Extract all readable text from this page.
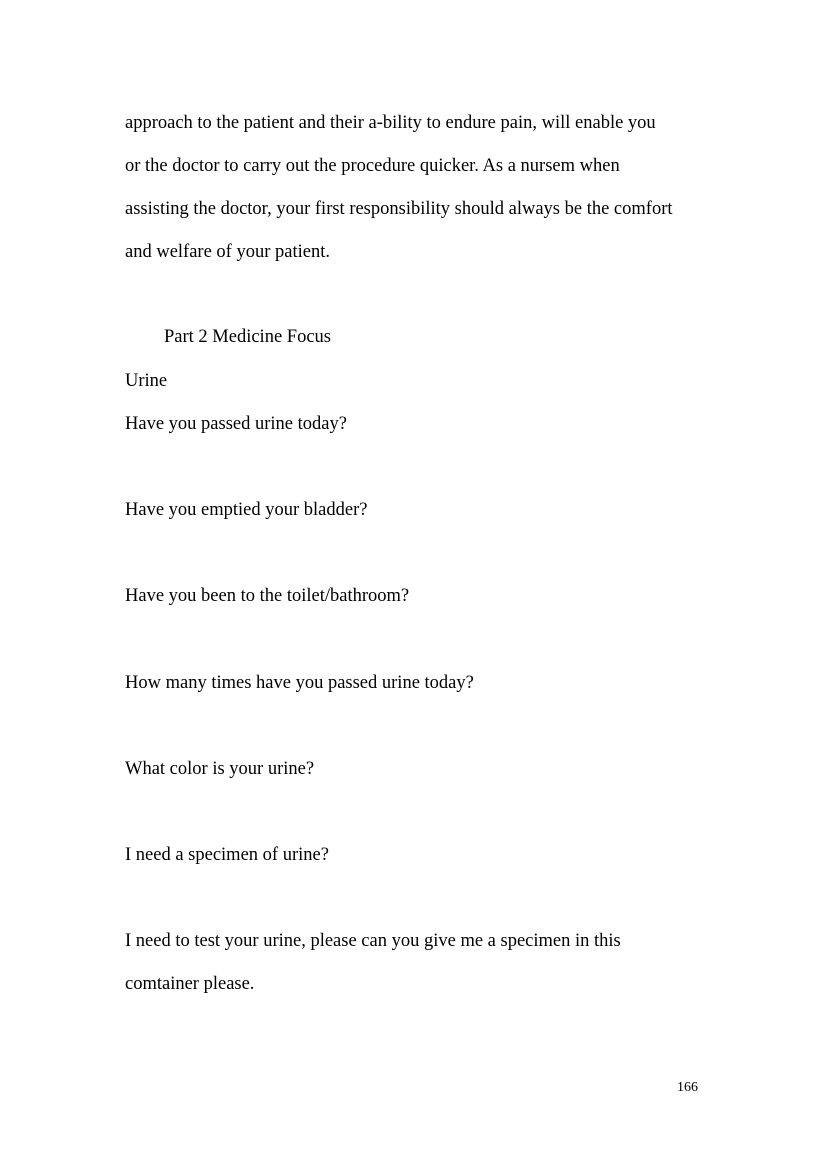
approach to the patient and their a-bility to endure pain, will enable you
or the doctor to carry out the procedure quicker. As a nursem when
assisting the doctor, your first responsibility should always be the comfort
and welfare of your patient.
Part 2 Medicine Focus
Urine
Have you passed urine today?
Have you emptied your bladder?
Have you been to the toilet/bathroom?
How many times have you passed urine today?
What color is your urine?
I need a specimen of urine?
I need to test your urine, please can you give me a specimen in this
comtainer please.
166
